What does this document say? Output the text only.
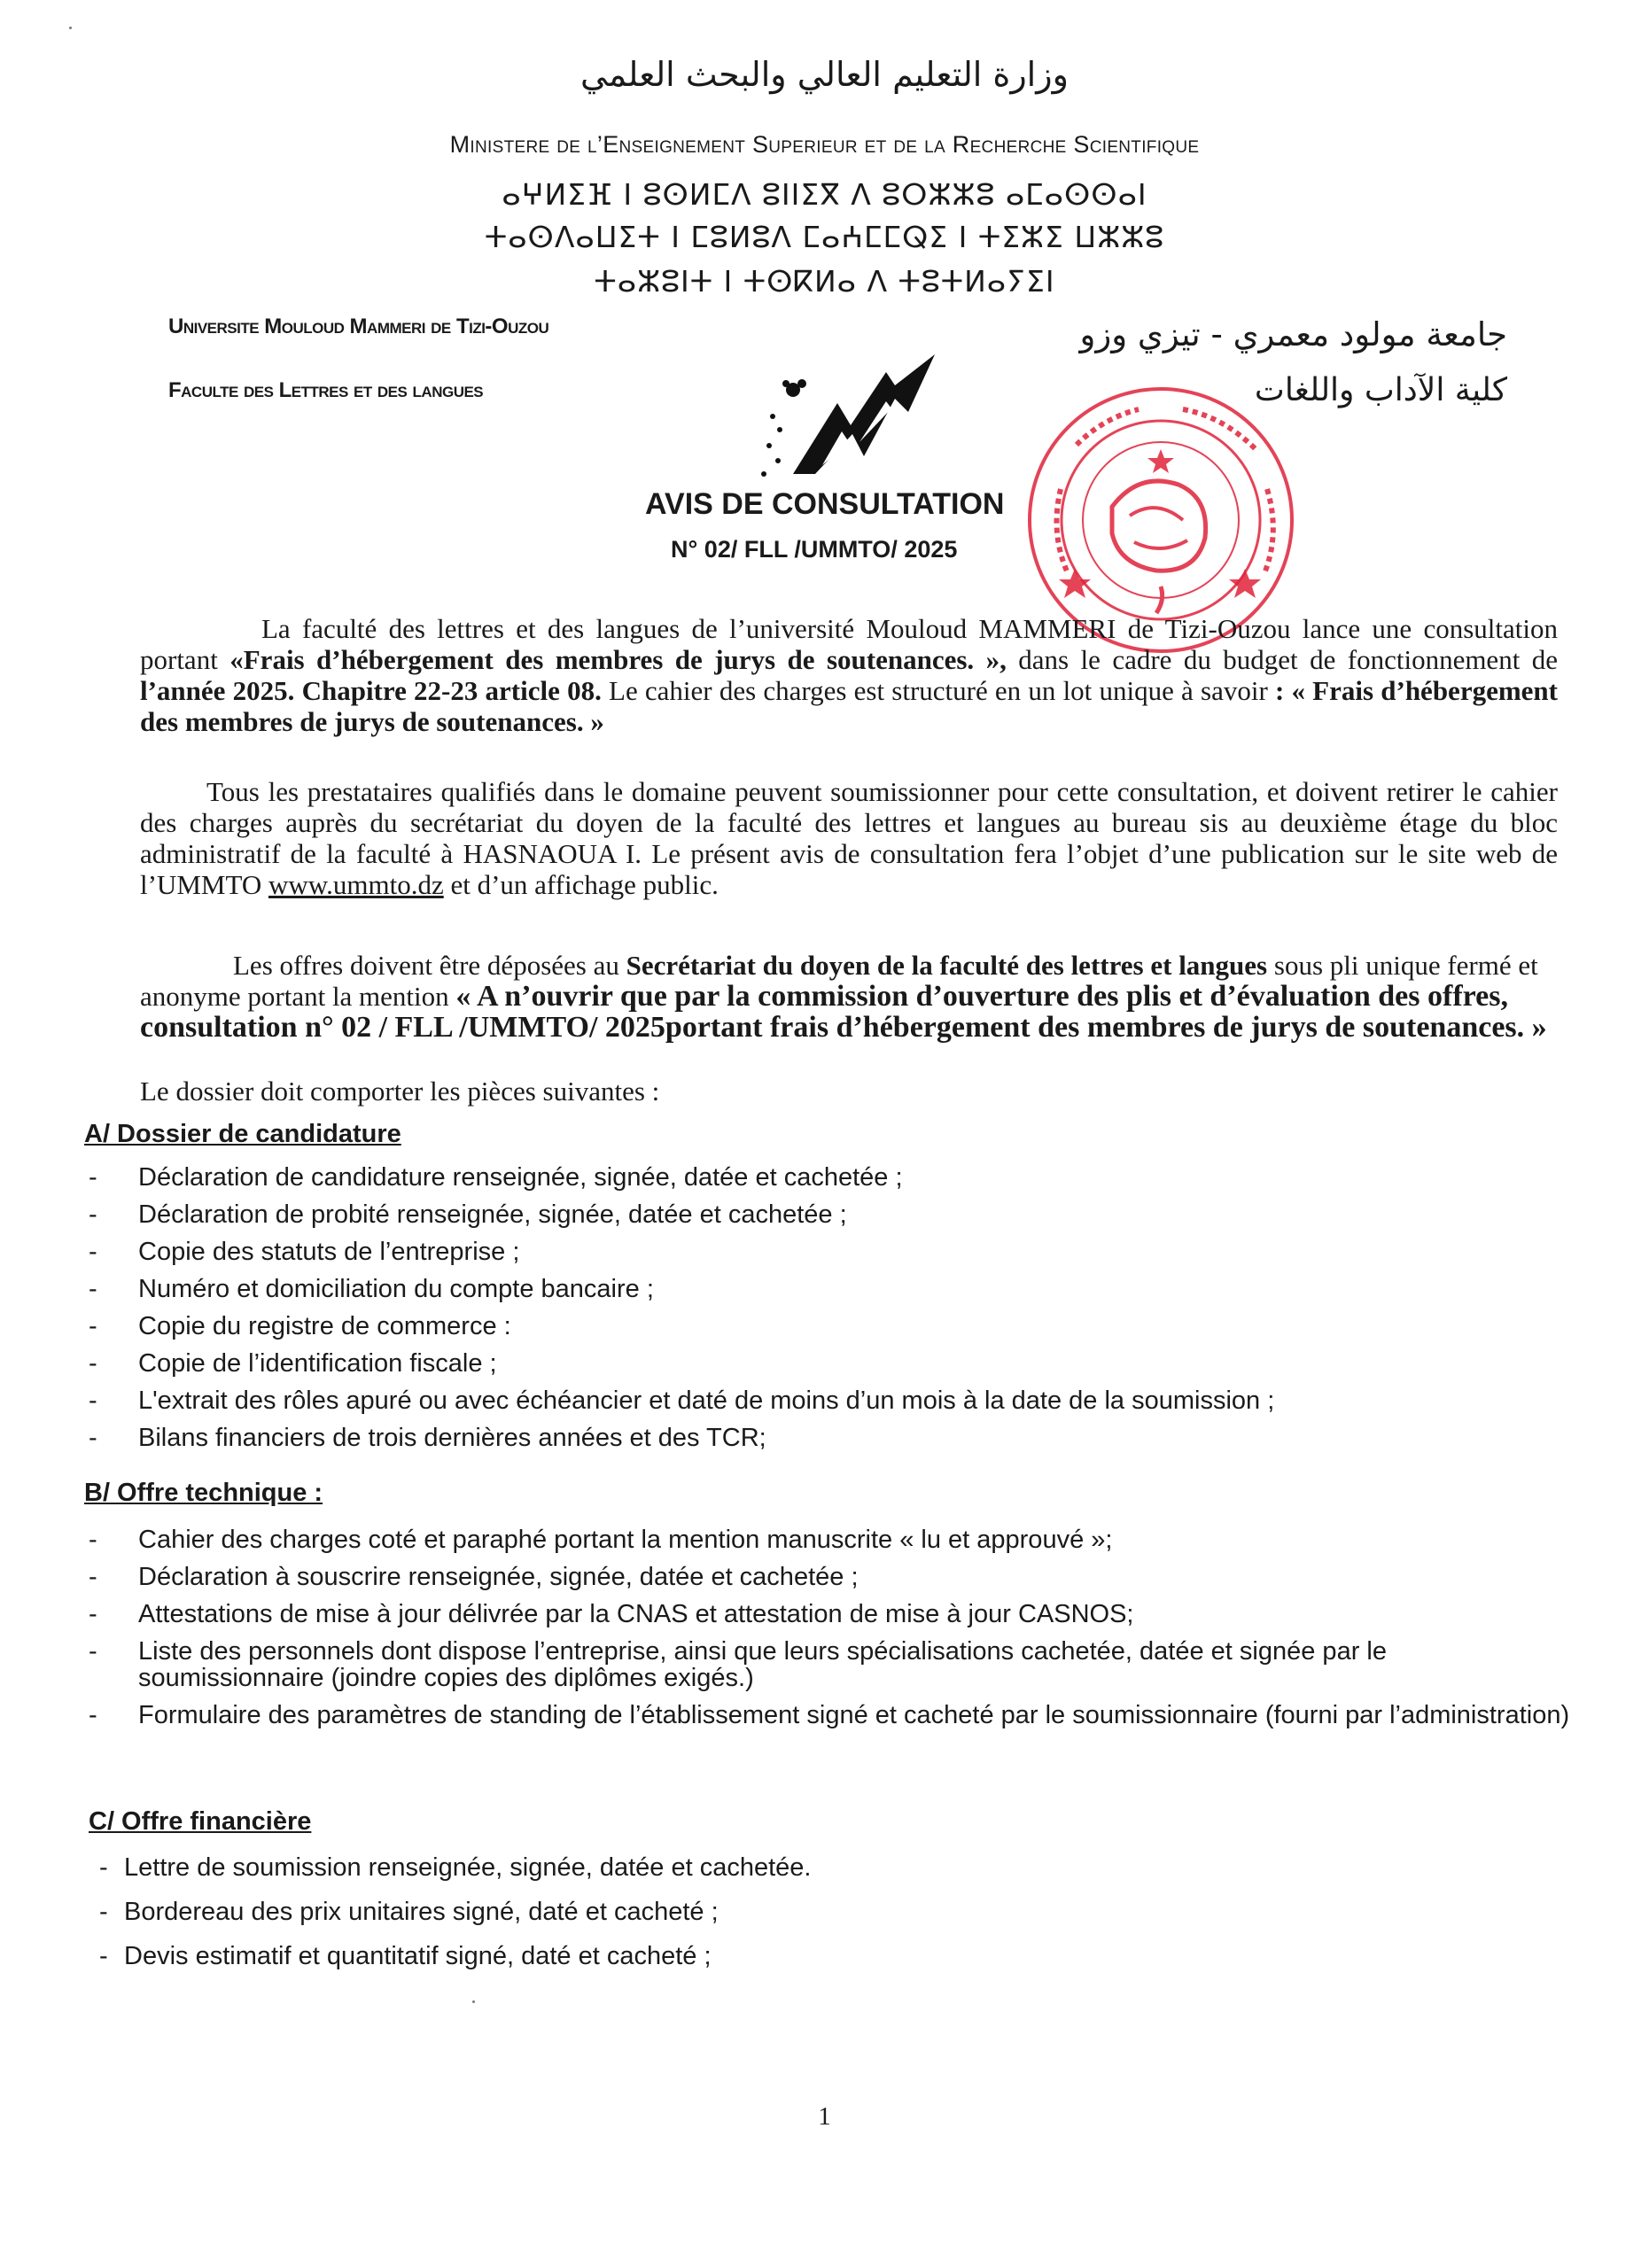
وزارة التعليم العالي والبحث العلمي
Ministere de l’Enseignement Superieur et de la Recherche Scientifique
ⴰⵖⵍⵉⴼ ⵏ ⵓⵙⵍⵎⴷ ⵓⵏⵏⵉⴳ ⴷ ⵓⵔⵣⵣⵓ ⴰⵎⴰⵙⵙⴰⵏ
ⵜⴰⵙⴷⴰⵡⵉⵜ ⵏ ⵎⵓⵍⵓⴷ ⵎⴰⵄⵎⵎⵕⵉ ⵏ ⵜⵉⵣⵉ ⵡⵣⵣⵓ
ⵜⴰⵣⵓⵏⵜ ⵏ ⵜⵙⴽⵍⴰ ⴷ ⵜⵓⵜⵍⴰⵢⵉⵏ
Universite Mouloud Mammeri de Tizi-Ouzou
Faculte des Lettres et des langues
جامعة مولود معمري - تيزي وزو
كلية الآداب واللغات
AVIS DE CONSULTATION
N° 02/ FLL /UMMTO/ 2025

La faculté des lettres et des langues de l’université Mouloud MAMMERI de Tizi-Ouzou lance une consultation portant «Frais d’hébergement des membres de jurys de soutenances. », dans le cadre du budget de fonctionnement de l’année 2025. Chapitre 22-23 article 08. Le cahier des charges est structuré en un lot unique à savoir : « Frais d’hébergement des membres de jurys de soutenances. »

Tous les prestataires qualifiés dans le domaine peuvent soumissionner pour cette consultation, et doivent retirer le cahier des charges auprès du secrétariat du doyen de la faculté des lettres et langues au bureau sis au deuxième étage du bloc administratif de la faculté à HASNAOUA I. Le présent avis de consultation fera l’objet d’une publication sur le site web de l’UMMTO www.ummto.dz et d’un affichage public.

Les offres doivent être déposées au Secrétariat du doyen de la faculté des lettres et langues sous pli unique fermé et anonyme portant la mention « A n’ouvrir que par la commission d’ouverture des plis et d’évaluation des offres, consultation n° 02 / FLL /UMMTO/ 2025portant frais d’hébergement des membres de jurys de soutenances. »

Le dossier doit comporter les pièces suivantes :
A/ Dossier de candidature
-	Déclaration de candidature renseignée, signée, datée et cachetée ;
-	Déclaration de probité renseignée, signée, datée et cachetée ;
-	Copie des statuts de l’entreprise ;
-	Numéro et domiciliation du compte bancaire ;
-	Copie du registre de commerce :
-	Copie de l’identification fiscale ;
-	L'extrait des rôles apuré ou avec échéancier et daté de moins d’un mois à la date de la soumission ;
-	Bilans financiers de trois dernières années et des TCR;
B/ Offre technique :
-	Cahier des charges coté et paraphé portant la mention manuscrite « lu et approuvé »;
-	Déclaration à souscrire renseignée, signée, datée et cachetée ;
-	Attestations de mise à jour délivrée par la CNAS et attestation de mise à jour CASNOS;
-	Liste des personnels dont dispose l’entreprise, ainsi que leurs spécialisations cachetée, datée et signée par le soumissionnaire (joindre copies des diplômes exigés.)
-	Formulaire des paramètres de standing de l’établissement signé et cacheté par le soumissionnaire (fourni par l’administration)
C/ Offre financière
- Lettre de soumission renseignée, signée, datée et cachetée.
- Bordereau des prix unitaires signé, daté et cacheté ;
- Devis estimatif et quantitatif signé, daté et cacheté ;
1
